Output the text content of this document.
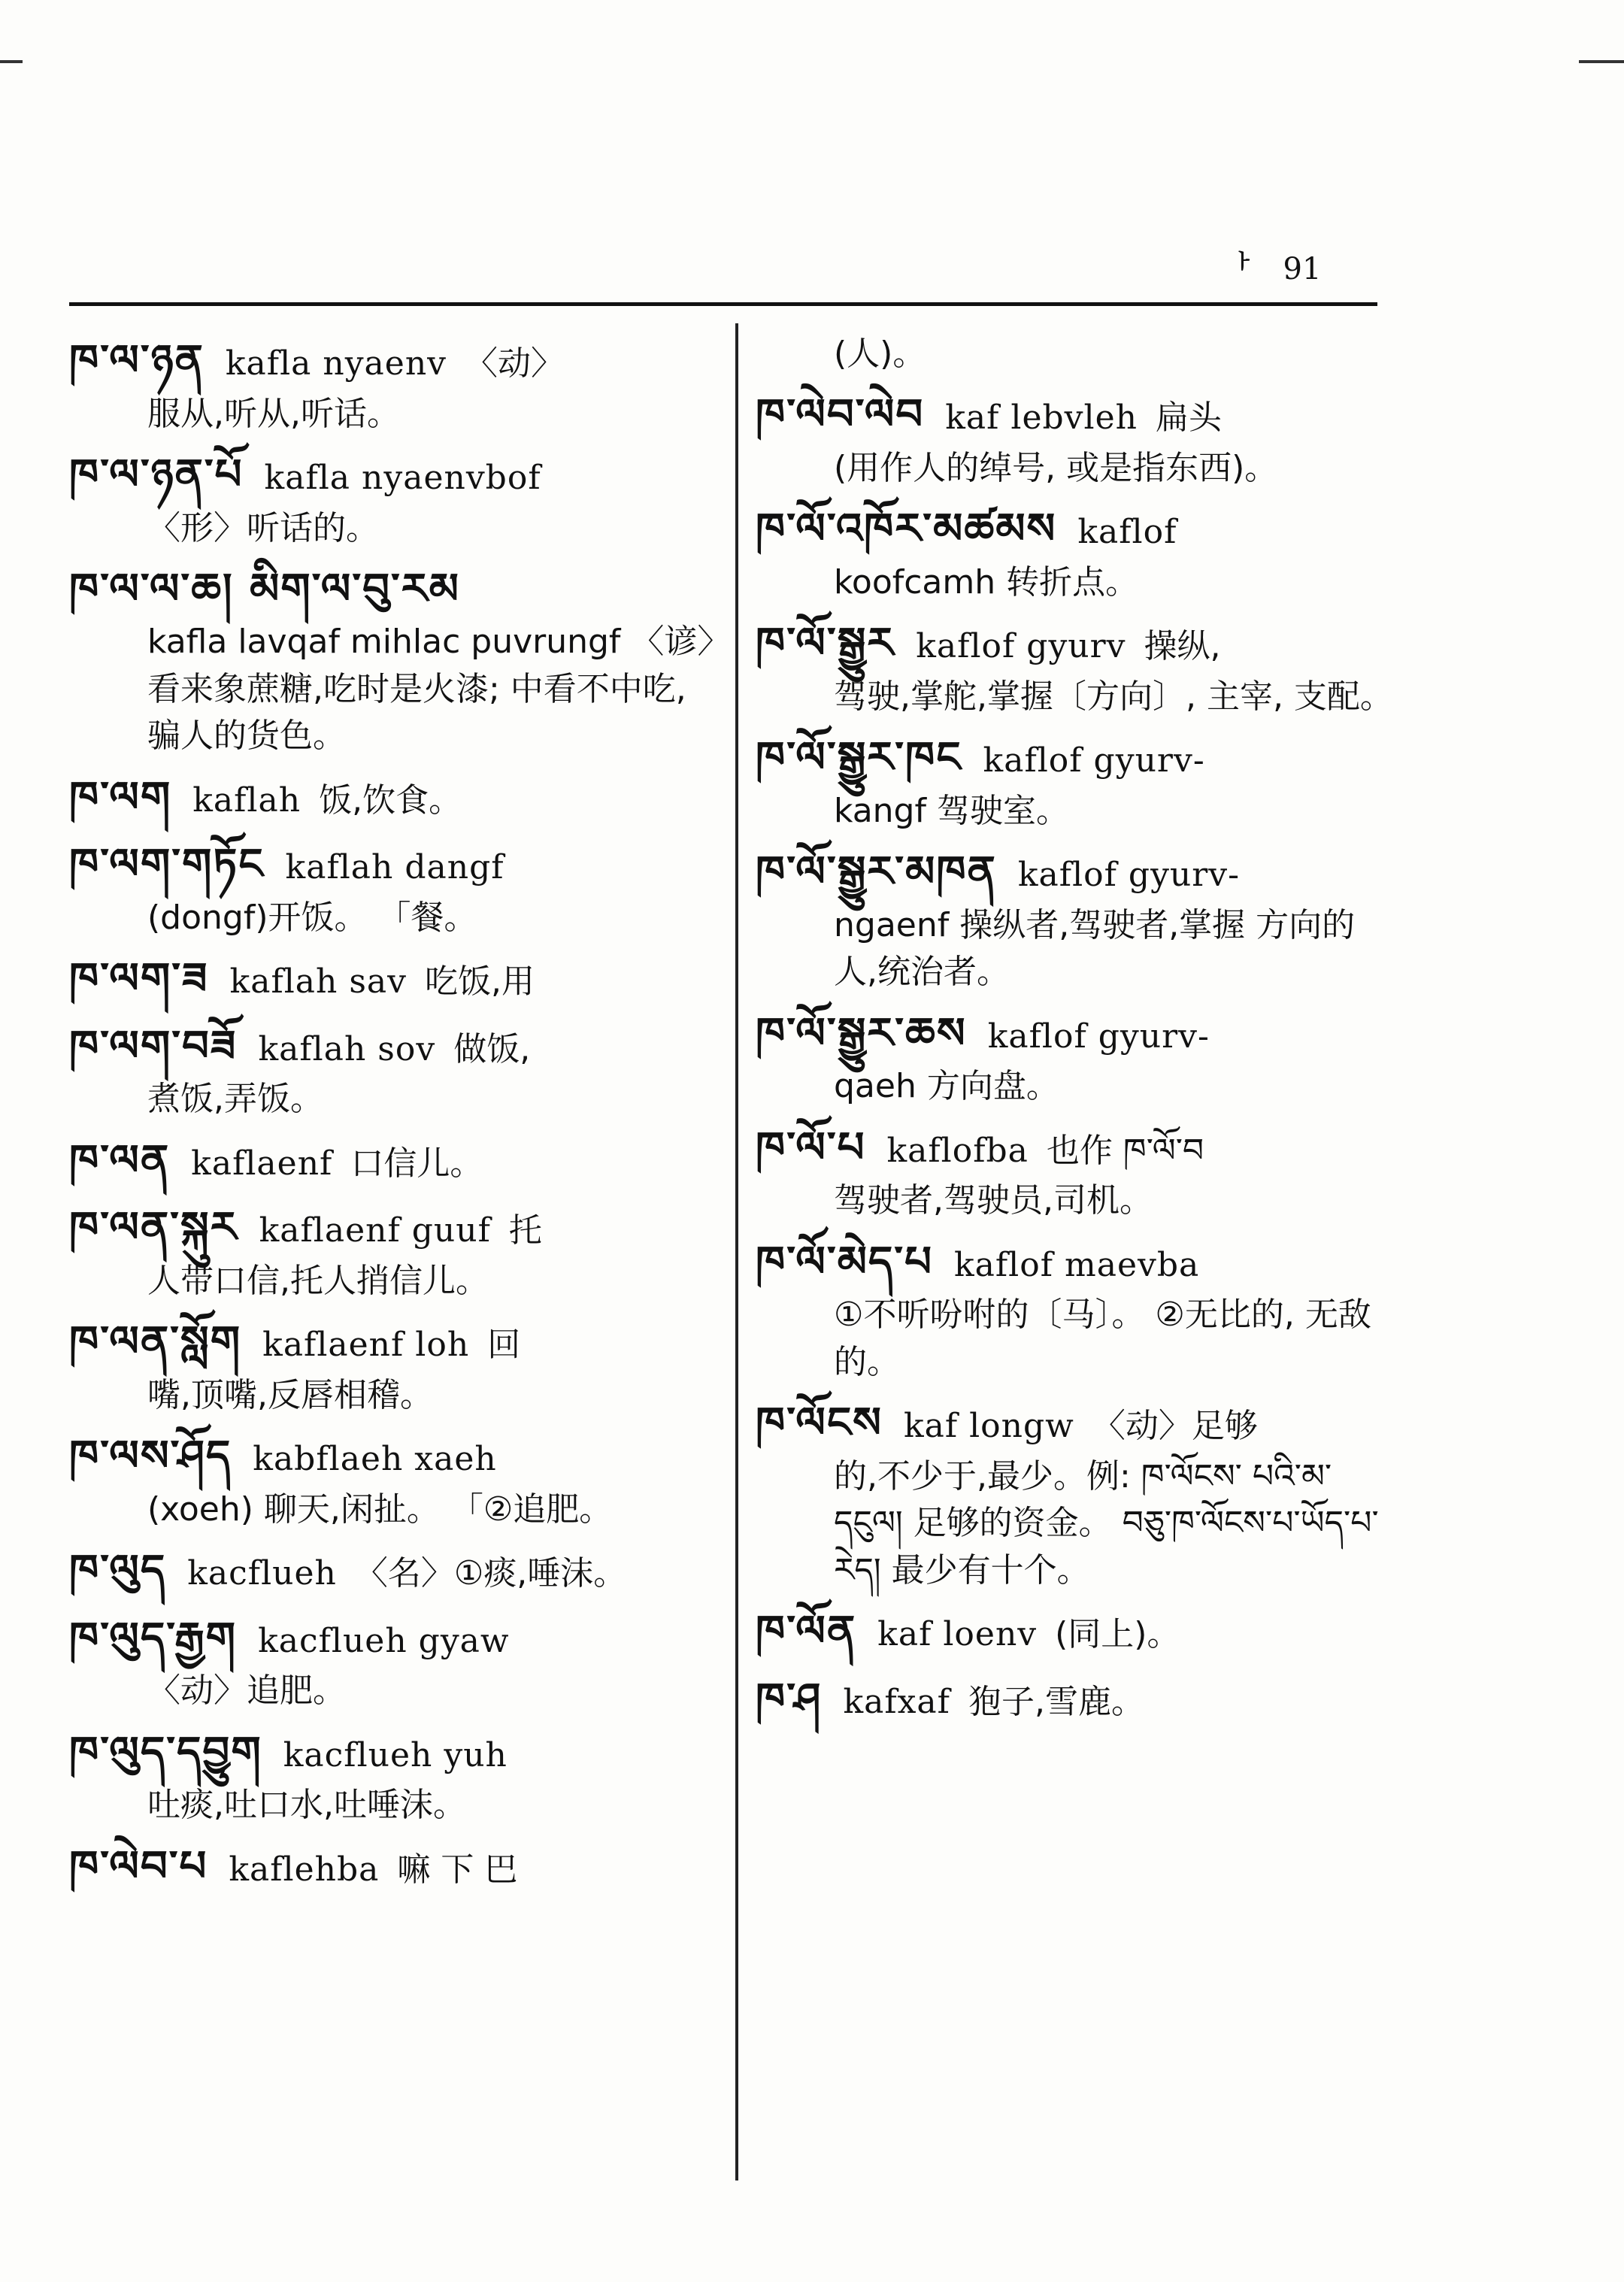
ᅡ 91
ཁ་ལ་ཉན kafla nyaenv 〈动〉
服从,听从,听话。
ཁ་ལ་ཉན་པོ kafla nyaenvbof
〈形〉听话的。
ཁ་ལ་ལ་ཆ། མིག་ལ་བུ་རམ
kafla lavqaf mihlac puvrungf 〈谚〉看来象蔗糖,吃时是火漆; 中看不中吃,骗人的货色。
ཁ་ལག kaflah 饭,饮食。
ཁ་ལག་གཏོང kaflah dangf
(dongf)开饭。 「餐。
ཁ་ལག་ཟ kaflah sav 吃饭,用
ཁ་ལག་བཟོ kaflah sov 做饭,
煮饭,弄饭。
ཁ་ལན kaflaenf 口信儿。
ཁ་ལན་སྐུར kaflaenf guuf 托
人带口信,托人捎信儿。
ཁ་ལན་སློག kaflaenf loh 回
嘴,顶嘴,反唇相稽。
ཁ་ལས་ཤོད kabflaeh xaeh
(xoeh) 聊天,闲扯。 「②追肥。
ཁ་ལུད kacflueh 〈名〉①痰,唾沫。
ཁ་ལུད་རྒྱག kacflueh gyaw
〈动〉追肥。
ཁ་ལུད་དབྱུག kacflueh yuh
吐痰,吐口水,吐唾沫。
ཁ་ལེབ་པ kaflehba 嘛 下 巴
(人)。
ཁ་ལེབ་ལེབ kaf lebvleh 扁头
(用作人的绰号, 或是指东西)。
ཁ་ལོ་འཁོར་མཚམས kaflof
koofcamh 转折点。
ཁ་ལོ་སྒྱུར kaflof gyurv 操纵,
驾驶,掌舵,掌握〔方向〕, 主宰, 支配。
ཁ་ལོ་སྒྱུར་ཁང kaflof gyurv-
kangf 驾驶室。
ཁ་ལོ་སྒྱུར་མཁན kaflof gyurv-
ngaenf 操纵者,驾驶者,掌握 方向的人,统治者。
ཁ་ལོ་སྒྱུར་ཆས kaflof gyurv-
qaeh 方向盘。
ཁ་ལོ་པ kaflofba 也作 ཁ་ལོ་བ
驾驶者,驾驶员,司机。
ཁ་ལོ་མེད་པ kaflof maevba
①不听吩咐的〔马〕。 ②无比的, 无敌的。
ཁ་ལོངས kaf longw 〈动〉足够
的,不少于,最少。例: ཁ་ལོངས་ པའི་མ་དངུལ། 足够的资金。 བཅུ་ཁ་ལོངས་པ་ཡོད་པ་རེད། 最少有十个。
ཁ་ལོན kaf loenv (同上)。
ཁ་ཤ kafxaf 狍子,雪鹿。
